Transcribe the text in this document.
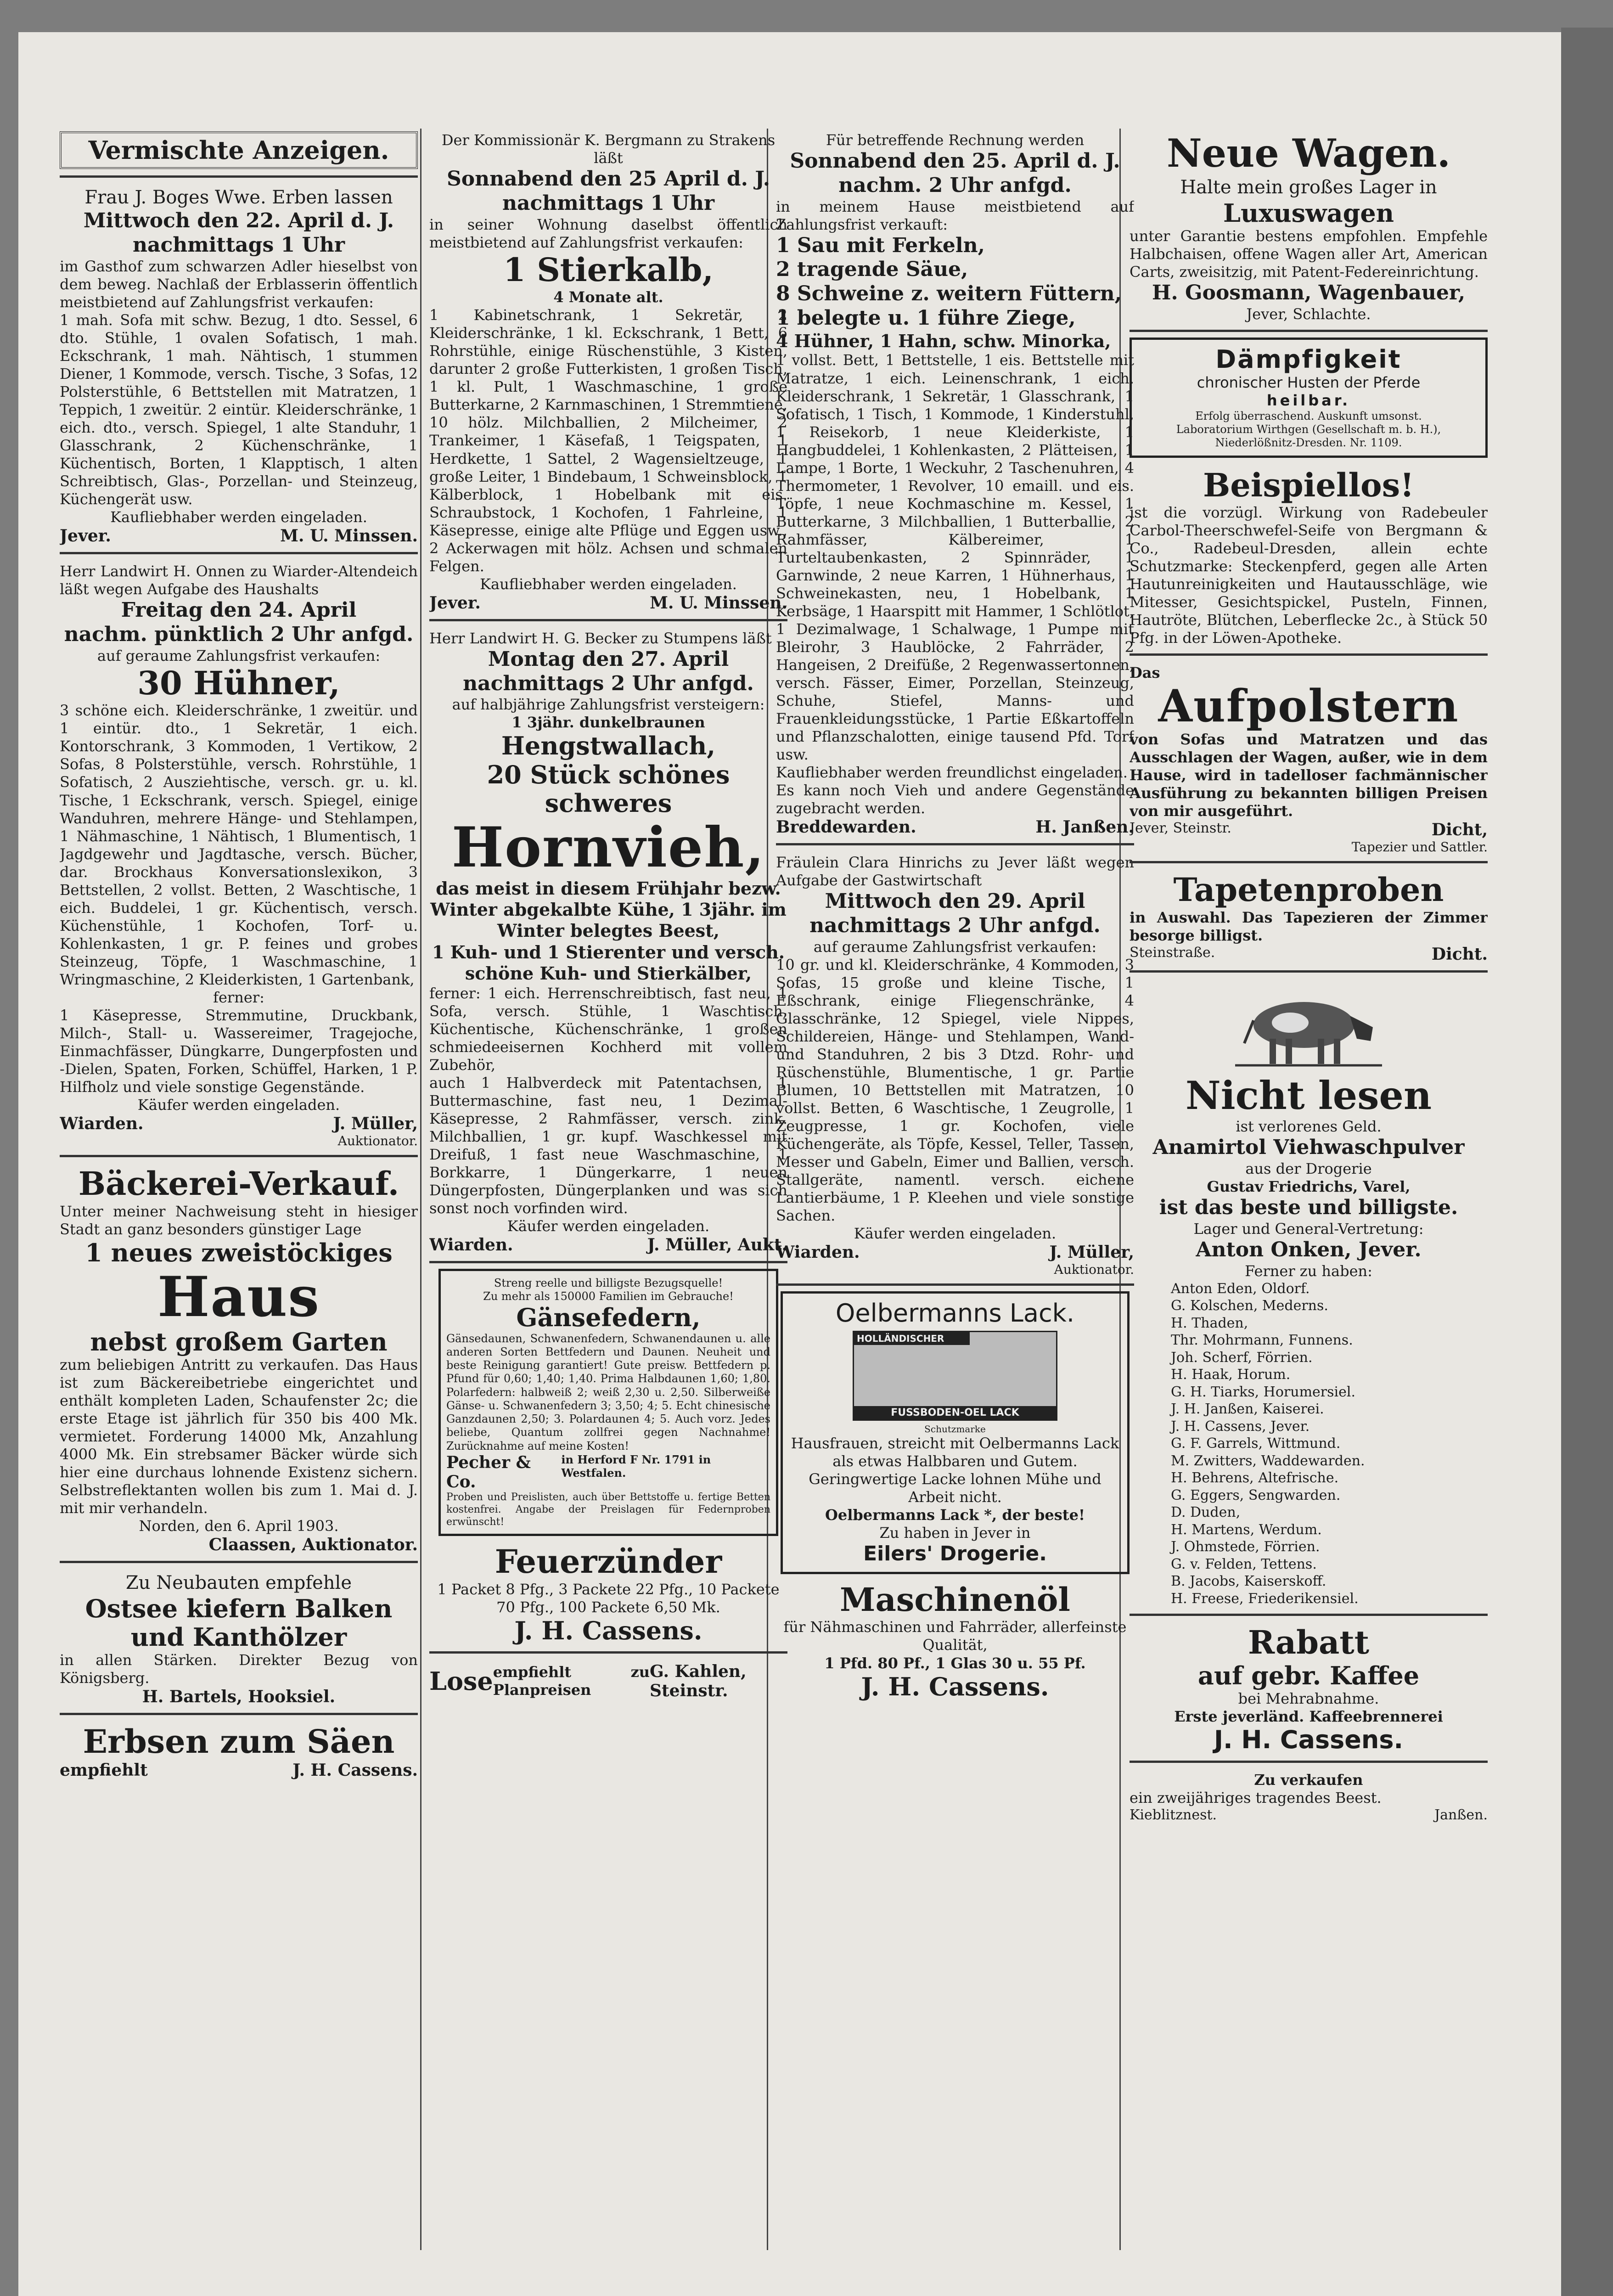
Vermischte Anzeigen.

Frau J. Boges Wwe. Erben lassen

Mittwoch den 22. April d. J.

nachmittags 1 Uhr

im Gasthof zum schwarzen Adler hieselbst von dem beweg. Nachlaß der Erblasserin öffentlich meistbietend auf Zahlungsfrist verkaufen:

1 mah. Sofa mit schw. Bezug, 1 dto. Sessel, 6 dto. Stühle, 1 ovalen Sofatisch, 1 mah. Eckschrank, 1 mah. Nähtisch, 1 stummen Diener, 1 Kommode, versch. Tische, 3 Sofas, 12 Polsterstühle, 6 Bettstellen mit Matratzen, 1 Teppich, 1 zweitür. 2 eintür. Kleiderschränke, 1 eich. dto., versch. Spiegel, 1 alte Standuhr, 1 Glasschrank, 2 Küchenschränke, 1 Küchentisch, Borten, 1 Klapptisch, 1 alten Schreibtisch, Glas-, Porzellan- und Steinzeug, Küchengerät usw.

Kaufliebhaber werden eingeladen.

Jever.	M. U. Minssen.

Herr Landwirt H. Onnen zu Wiarder-Altendeich läßt wegen Aufgabe des Haushalts

Freitag den 24. April

nachm. pünktlich 2 Uhr anfgd.

auf geraume Zahlungsfrist verkaufen:

30 Hühner,

3 schöne eich. Kleiderschränke, 1 zweitür. und 1 eintür. dto., 1 Sekretär, 1 eich. Kontorschrank, 3 Kommoden, 1 Vertikow, 2 Sofas, 8 Polsterstühle, versch. Rohrstühle, 1 Sofatisch, 2 Ausziehtische, versch. gr. u. kl. Tische, 1 Eckschrank, versch. Spiegel, einige Wanduhren, mehrere Hänge- und Stehlampen, 1 Nähmaschine, 1 Nähtisch, 1 Blumentisch, 1 Jagdgewehr und Jagdtasche, versch. Bücher, dar. Brockhaus Konversationslexikon, 3 Bettstellen, 2 vollst. Betten, 2 Waschtische, 1 eich. Buddelei, 1 gr. Küchentisch, versch. Küchenstühle, 1 Kochofen, Torf- u. Kohlenkasten, 1 gr. P. feines und grobes Steinzeug, Töpfe, 1 Waschmaschine, 1 Wringmaschine, 2 Kleiderkisten, 1 Gartenbank,

ferner:

1 Käsepresse, Stremmutine, Druckbank, Milch-, Stall- u. Wassereimer, Tragejoche, Einmachfässer, Düngkarre, Dungerpfosten und -Dielen, Spaten, Forken, Schüffel, Harken, 1 P. Hilfholz und viele sonstige Gegenstände.

Käufer werden eingeladen.

Wiarden.	J. Müller,

Auktionator.

Bäckerei-Verkauf.

Unter meiner Nachweisung steht in hiesiger Stadt an ganz besonders günstiger Lage

1 neues zweistöckiges

Haus

nebst großem Garten

zum beliebigen Antritt zu verkaufen. Das Haus ist zum Bäckereibetriebe eingerichtet und enthält kompleten Laden, Schaufenster 2c; die erste Etage ist jährlich für 350 bis 400 Mk. vermietet. Forderung 14000 Mk, Anzahlung 4000 Mk. Ein strebsamer Bäcker würde sich hier eine durchaus lohnende Existenz sichern. Selbstreflektanten wollen bis zum 1. Mai d. J. mit mir verhandeln.

Norden, den 6. April 1903.

Claassen, Auktionator.

Zu Neubauten empfehle

Ostsee kiefern Balken

und Kanthölzer

in allen Stärken. Direkter Bezug von Königsberg.

H. Bartels, Hooksiel.

Erbsen zum Säen

empfiehlt	J. H. Cassens.

Der Kommissionär K. Bergmann zu Strakens läßt

Sonnabend den 25 April d. J.

nachmittags 1 Uhr

in seiner Wohnung daselbst öffentlich meistbietend auf Zahlungsfrist verkaufen:

1 Stierkalb,

4 Monate alt.

1 Kabinetschrank, 1 Sekretär, 2 Kleiderschränke, 1 kl. Eckschrank, 1 Bett, 6 Rohrstühle, einige Rüschenstühle, 3 Kisten, darunter 2 große Futterkisten, 1 großen Tisch, 1 kl. Pult, 1 Waschmaschine, 1 große Butterkarne, 2 Karnmaschinen, 1 Stremmtiene, 10 hölz. Milchballien, 2 Milcheimer, 2 Trankeimer, 1 Käsefaß, 1 Teigspaten, 1 Herdkette, 1 Sattel, 2 Wagensieltzeuge, 1 große Leiter, 1 Bindebaum, 1 Schweinsblock, 1 Kälberblock, 1 Hobelbank mit eis. Schraubstock, 1 Kochofen, 1 Fahrleine, 1 Käsepresse, einige alte Pflüge und Eggen usw., 2 Ackerwagen mit hölz. Achsen und schmalen Felgen.

Kaufliebhaber werden eingeladen.

Jever.	M. U. Minssen.

Herr Landwirt H. G. Becker zu Stumpens läßt

Montag den 27. April

nachmittags 2 Uhr anfgd.

auf halbjährige Zahlungsfrist versteigern:

1 3jähr. dunkelbraunen

Hengstwallach,

20 Stück schönes schweres

Hornvieh,

das meist in diesem Frühjahr bezw. Winter abgekalbte Kühe, 1 3jähr. im Winter belegtes Beest,

1 Kuh- und 1 Stierenter und versch. schöne Kuh- und Stierkälber,

ferner: 1 eich. Herrenschreibtisch, fast neu, 1 Sofa, versch. Stühle, 1 Waschtisch, Küchentische, Küchenschränke, 1 großen schmiedeeisernen Kochherd mit vollem Zubehör,

auch 1 Halbverdeck mit Patentachsen, 1 Buttermaschine, fast neu, 1 Dezimal-Käsepresse, 2 Rahmfässer, versch. zink. Milchballien, 1 gr. kupf. Waschkessel mit Dreifuß, 1 fast neue Waschmaschine, 1 Borkkarre, 1 Düngerkarre, 1 neuen Düngerpfosten, Düngerplanken und was sich sonst noch vorfinden wird.

Käufer werden eingeladen.

Wiarden.	J. Müller, Aukt.

Streng reelle und billigste Bezugsquelle!

Zu mehr als 150000 Familien im Gebrauche!

Gänsefedern,

Gänsedaunen, Schwanenfedern, Schwanendaunen u. alle anderen Sorten Bettfedern und Daunen. Neuheit und beste Reinigung garantiert! Gute preisw. Bettfedern p. Pfund für 0,60; 1,40; 1,40. Prima Halbdaunen 1,60; 1,80. Polarfedern: halbweiß 2; weiß 2,30 u. 2,50. Silberweiße Gänse- u. Schwanenfedern 3; 3,50; 4; 5. Echt chinesische Ganzdaunen 2,50; 3. Polardaunen 4; 5. Auch vorz. Jedes beliebe, Quantum zollfrei gegen Nachnahme! Zurücknahme auf meine Kosten!

Pecher & Co.
in Herford F Nr. 1791 in Westfalen.

Proben und Preislisten, auch über Bettstoffe u. fertige Betten kostenfrei. Angabe der Preislagen für Federnproben erwünscht!

Feuerzünder

1 Packet 8 Pfg., 3 Packete 22 Pfg., 10 Packete 70 Pfg., 100 Packete 6,50 Mk.

J. H. Cassens.

Lose empfiehlt zu Planpreisen
G. Kahlen, Steinstr.

Für betreffende Rechnung werden

Sonnabend den 25. April d. J.

nachm. 2 Uhr anfgd.

in meinem Hause meistbietend auf Zahlungsfrist verkauft:

1 Sau mit Ferkeln,

2 tragende Säue,

8 Schweine z. weitern Füttern,

1 belegte u. 1 führe Ziege,

4 Hühner, 1 Hahn, schw. Minorka,

1 vollst. Bett, 1 Bettstelle, 1 eis. Bettstelle mit Matratze, 1 eich. Leinenschrank, 1 eich. Kleiderschrank, 1 Sekretär, 1 Glasschrank, 1 Sofatisch, 1 Tisch, 1 Kommode, 1 Kinderstuhl, 1 Reisekorb, 1 neue Kleiderkiste, 1 Hangbuddelei, 1 Kohlenkasten, 2 Plätteisen, 1 Lampe, 1 Borte, 1 Weckuhr, 2 Taschenuhren, 4 Thermometer, 1 Revolver, 10 emaill. und eis. Töpfe, 1 neue Kochmaschine m. Kessel, 1 Butterkarne, 3 Milchballien, 1 Butterballie, 2 Rahmfässer, Kälbereimer, 1 Turteltaubenkasten, 2 Spinnräder, 1 Garnwinde, 2 neue Karren, 1 Hühnerhaus, 1 Schweinekasten, neu, 1 Hobelbank, 1 Kerbsäge, 1 Haarspitt mit Hammer, 1 Schlötlot, 1 Dezimalwage, 1 Schalwage, 1 Pumpe mit Bleirohr, 3 Haublöcke, 2 Fahrräder, 2 Hangeisen, 2 Dreifüße, 2 Regenwassertonnen, versch. Fässer, Eimer, Porzellan, Steinzeug, Schuhe, Stiefel, Manns- und Frauenkleidungsstücke, 1 Partie Eßkartoffeln und Pflanzschalotten, einige tausend Pfd. Torf usw.

Kaufliebhaber werden freundlichst eingeladen.

Es kann noch Vieh und andere Gegenstände zugebracht werden.

Breddewarden.	H. Janßen.

Fräulein Clara Hinrichs zu Jever läßt wegen Aufgabe der Gastwirtschaft

Mittwoch den 29. April

nachmittags 2 Uhr anfgd.

auf geraume Zahlungsfrist verkaufen:

10 gr. und kl. Kleiderschränke, 4 Kommoden, 3 Sofas, 15 große und kleine Tische, 1 Eßschrank, einige Fliegenschränke, 4 Glasschränke, 12 Spiegel, viele Nippes, Schildereien, Hänge- und Stehlampen, Wand- und Standuhren, 2 bis 3 Dtzd. Rohr- und Rüschenstühle, Blumentische, 1 gr. Partie Blumen, 10 Bettstellen mit Matratzen, 10 vollst. Betten, 6 Waschtische, 1 Zeugrolle, 1 Zeugpresse, 1 gr. Kochofen, viele Küchengeräte, als Töpfe, Kessel, Teller, Tassen, Messer und Gabeln, Eimer und Ballien, versch. Stallgeräte, namentl. versch. eichene Lantierbäume, 1 P. Kleehen und viele sonstige Sachen.

Käufer werden eingeladen.

Wiarden.	J. Müller,

Auktionator.

Oelbermanns Lack.

HOLLÄNDISCHER
FUSSBODEN-OEL LACK

Schutzmarke

Hausfrauen, streicht mit Oelbermanns Lack als etwas Halbbaren und Gutem. Geringwertige Lacke lohnen Mühe und Arbeit nicht.

Oelbermanns Lack *, der beste!

Zu haben in Jever in

Eilers' Drogerie.

Maschinenöl

für Nähmaschinen und Fahrräder, allerfeinste Qualität,

1 Pfd. 80 Pf., 1 Glas 30 u. 55 Pf.

J. H. Cassens.

Neue Wagen.

Halte mein großes Lager in

Luxuswagen

unter Garantie bestens empfohlen. Empfehle Halbchaisen, offene Wagen aller Art, American Carts, zweisitzig, mit Patent-Federeinrichtung.

H. Goosmann, Wagenbauer,

Jever, Schlachte.

Dämpfigkeit

chronischer Husten der Pferde

heilbar.

Erfolg überraschend. Auskunft umsonst.

Laboratorium Wirthgen (Gesellschaft m. b. H.),

Niederlößnitz-Dresden. Nr. 1109.

Beispiellos!

ist die vorzügl. Wirkung von Radebeuler Carbol-Theerschwefel-Seife von Bergmann & Co., Radebeul-Dresden, allein echte Schutzmarke: Steckenpferd, gegen alle Arten Hautunreinigkeiten und Hautausschläge, wie Mitesser, Gesichtspickel, Pusteln, Finnen, Hautröte, Blütchen, Leberflecke 2c., à Stück 50 Pfg. in der Löwen-Apotheke.

Das

Aufpolstern

von Sofas und Matratzen und das Ausschlagen der Wagen, außer, wie in dem Hause, wird in tadelloser fachmännischer Ausführung zu bekannten billigen Preisen von mir ausgeführt.

Jever, Steinstr.	Dicht,

Tapezier und Sattler.

Tapetenproben

in Auswahl. Das Tapezieren der Zimmer besorge billigst.

Steinstraße.	Dicht.

Nicht lesen

ist verlorenes Geld.

Anamirtol Viehwaschpulver

aus der Drogerie

Gustav Friedrichs, Varel,

ist das beste und billigste.

Lager und General-Vertretung:

Anton Onken, Jever.

Ferner zu haben:

Anton Eden, Oldorf.

G. Kolschen, Mederns.

H. Thaden,

Thr. Mohrmann, Funnens.

Joh. Scherf, Förrien.

H. Haak, Horum.

G. H. Tiarks, Horumersiel.

J. H. Janßen, Kaiserei.

J. H. Cassens, Jever.

G. F. Garrels, Wittmund.

M. Zwitters, Waddewarden.

H. Behrens, Altefrische.

G. Eggers, Sengwarden.

D. Duden,

H. Martens, Werdum.

J. Ohmstede, Förrien.

G. v. Felden, Tettens.

B. Jacobs, Kaiserskoff.

H. Freese, Friederikensiel.

Rabatt

auf gebr. Kaffee

bei Mehrabnahme.

Erste jeverländ. Kaffeebrennerei

J. H. Cassens.

Zu verkaufen

ein zweijähriges tragendes Beest.

Kieblitznest.	Janßen.
